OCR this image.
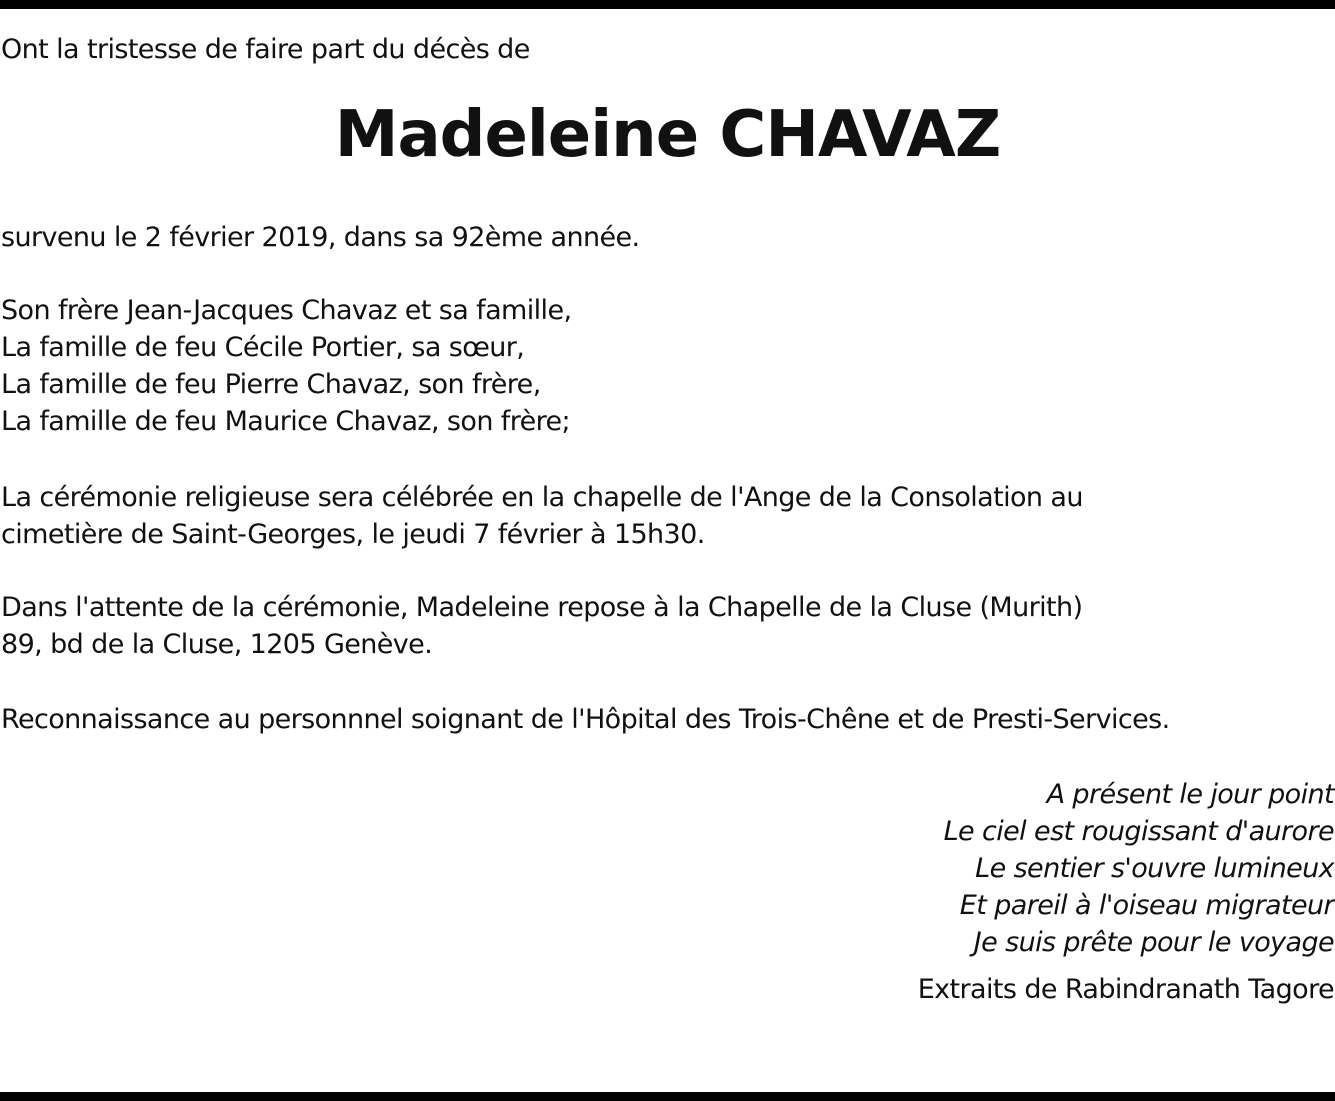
Ont la tristesse de faire part du décès de
Madeleine CHAVAZ
survenu le 2 février 2019, dans sa 92ème année.
Son frère Jean-Jacques Chavaz et sa famille,
La famille de feu Cécile Portier, sa sœur,
La famille de feu Pierre Chavaz, son frère,
La famille de feu Maurice Chavaz, son frère;
La cérémonie religieuse sera célébrée en la chapelle de l'Ange de la Consolation au
cimetière de Saint-Georges, le jeudi 7 février à 15h30.
Dans l'attente de la cérémonie, Madeleine repose à la Chapelle de la Cluse (Murith)
89, bd de la Cluse, 1205 Genève.
Reconnaissance au personnnel soignant de l'Hôpital des Trois-Chêne et de Presti-Services.
A présent le jour point
Le ciel est rougissant d'aurore
Le sentier s'ouvre lumineux
Et pareil à l'oiseau migrateur
Je suis prête pour le voyage
Extraits de Rabindranath Tagore
